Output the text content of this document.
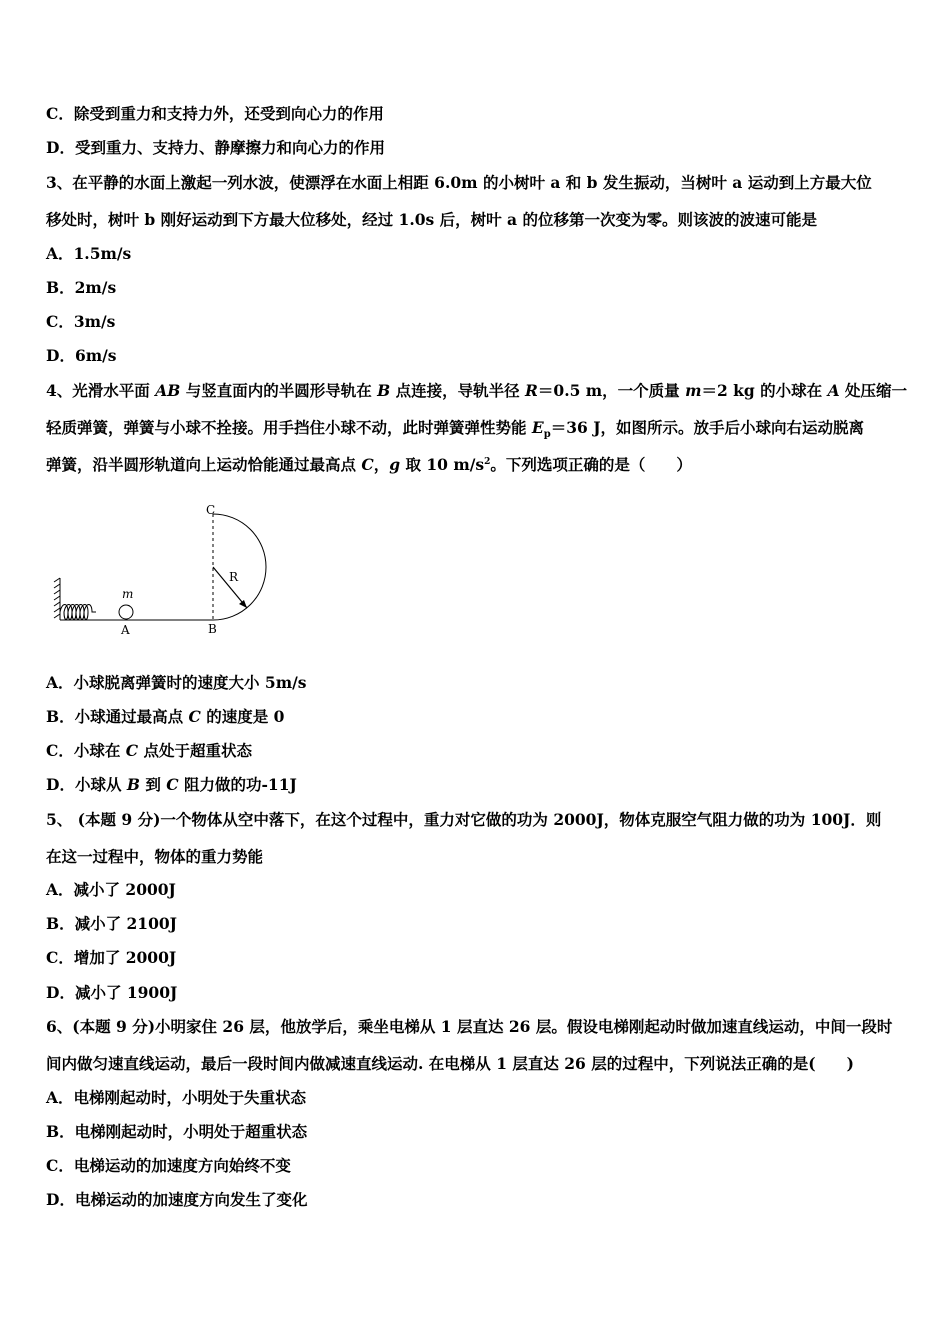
C．除受到重力和支持力外，还受到向心力的作用
D．受到重力、支持力、静摩擦力和向心力的作用
3、在平静的水面上激起一列水波，使漂浮在水面上相距 6.0m 的小树叶 a 和 b 发生振动，当树叶 a 运动到上方最大位
移处时，树叶 b 刚好运动到下方最大位移处，经过 1.0s 后，树叶 a 的位移第一次变为零。则该波的波速可能是
A．1.5m/s
B．2m/s
C．3m/s
D．6m/s
4、光滑水平面 AB 与竖直面内的半圆形导轨在 B 点连接，导轨半径 R＝0.5 m，一个质量 m＝2 kg 的小球在 A 处压缩一
轻质弹簧，弹簧与小球不拴接。用手挡住小球不动，此时弹簧弹性势能 $E_p=36$ J，如图所示。放手后小球向右运动脱离
弹簧，沿半圆形轨道向上运动恰能通过最高点 C，g 取 10 $m/s^2$。下列选项正确的是（　　）
C
R
m
A	B
A．小球脱离弹簧时的速度大小 5m/s
B．小球通过最高点 C 的速度是 0
C．小球在 C 点处于超重状态
D．小球从 B 到 C 阻力做的功-11J
5、 (本题 9 分)一个物体从空中落下，在这个过程中，重力对它做的功为 2000J，物体克服空气阻力做的功为 100J．则
在这一过程中，物体的重力势能
A．减小了 2000J
B．减小了 2100J
C．增加了 2000J
D．减小了 1900J
6、(本题 9 分)小明家住 26 层，他放学后，乘坐电梯从 1 层直达 26 层。假设电梯刚起动时做加速直线运动，中间一段时
间内做匀速直线运动，最后一段时间内做减速直线运动. 在电梯从 1 层直达 26 层的过程中，下列说法正确的是(　　)
A．电梯刚起动时，小明处于失重状态
B．电梯刚起动时，小明处于超重状态
C．电梯运动的加速度方向始终不变
D．电梯运动的加速度方向发生了变化
